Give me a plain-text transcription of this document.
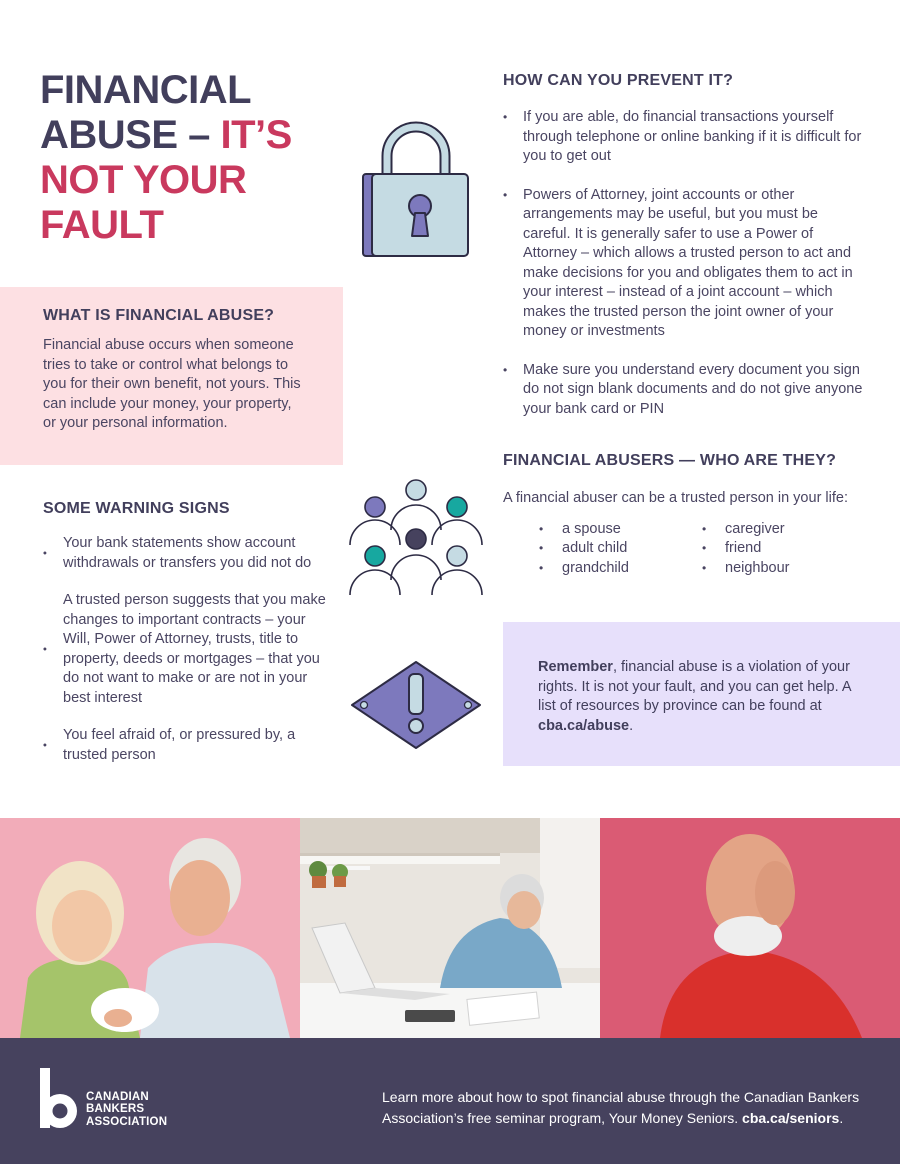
FINANCIAL
ABUSE – IT’S
NOT YOUR
FAULT
WHAT IS FINANCIAL ABUSE?

Financial abuse occurs when someone tries to take or control what belongs to you for their own benefit, not yours. This can include your money, your property, or your personal information.

SOME WARNING SIGNS
•
Your bank statements show account withdrawals or transfers you did not do
•
A trusted person suggests that you make changes to important contracts – your Will, Power of Attorney, trusts, title to property, deeds or mortgages – that you do not want to make or are not in your best interest
•
You feel afraid of, or pressured by, a trusted person
HOW CAN YOU PREVENT IT?
• If you are able, do financial transactions yourself through telephone or online banking if it is difficult for you to get out
• Powers of Attorney, joint accounts or other arrangements may be useful, but you must be careful. It is generally safer to use a Power of Attorney – which allows a trusted person to act and make decisions for you and obligates them to act in your interest – instead of a joint account – which makes the trusted person the joint owner of your money or investments
• Make sure you understand every document you sign do not sign blank documents and do not give anyone your bank card or PIN
FINANCIAL ABUSERS — WHO ARE THEY?

A financial abuser can be a trusted person in your life:

• a spouse
• adult child
• grandchild
• caregiver
• friend
• neighbour
Remember, financial abuse is a violation of your rights. It is not your fault, and you can get help. A list of resources by province can be found at cba.ca/abuse.
CANADIAN
BANKERS
ASSOCIATION

Learn more about how to spot financial abuse through the Canadian Bankers Association’s free seminar program, Your Money Seniors. cba.ca/seniors.
